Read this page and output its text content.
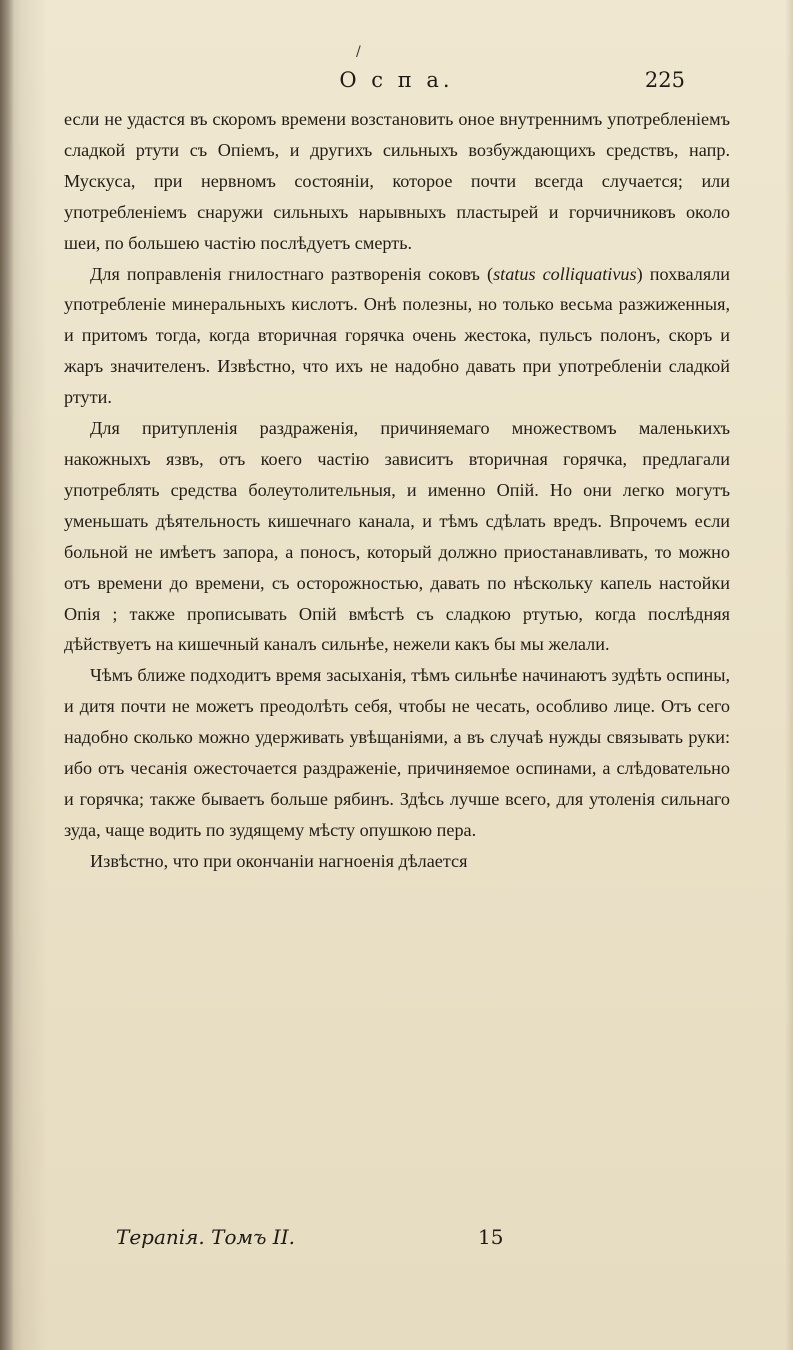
/
О с п а.	225

если не удастся въ скоромъ времени возстановить оное внутреннимъ употребленіемъ сладкой ртути съ Опіемъ, и другихъ сильныхъ возбуждающихъ средствъ, напр. Мускуса, при нервномъ состояніи, которое почти всегда случается; или употребленіемъ снаружи сильныхъ нарывныхъ пластырей и горчичниковъ около шеи, по большею частію послѣдуетъ смерть.

Для поправленія гнилостнаго разтворенія соковъ (status colliquativus) похваляли употребленіе минеральныхъ кислотъ. Онѣ полезны, но только весьма разжиженныя, и притомъ тогда, когда вторичная горячка очень жестока, пульсъ полонъ, скоръ и жаръ значителенъ. Извѣстно, что ихъ не надобно давать при употребленіи сладкой ртути.

Для притупленія раздраженія, причиняемаго множествомъ маленькихъ накожныхъ язвъ, отъ коего частію зависитъ вторичная горячка, предлагали употреблять средства болеутолительныя, и именно Опій. Но они легко могутъ уменьшать дѣятельность кишечнаго канала, и тѣмъ сдѣлать вредъ. Впрочемъ если больной не имѣетъ запора, а поносъ, который должно приостанавливать, то можно отъ времени до времени, съ осторожностью, давать по нѣскольку капель настойки Опія ; также прописывать Опій вмѣстѣ съ сладкою ртутью, когда послѣдняя дѣйствуетъ на кишечный каналъ сильнѣе, нежели какъ бы мы желали.

Чѣмъ ближе подходитъ время засыханія, тѣмъ сильнѣе начинаютъ зудѣть оспины, и дитя почти не можетъ преодолѣть себя, чтобы не чесать, особливо лице. Отъ сего надобно сколько можно удерживать увѣщаніями, а въ случаѣ нужды связывать руки: ибо отъ чесанія ожесточается раздраженіе, причиняемое оспинами, а слѣдовательно и горячка; также бываетъ больше рябинъ. Здѣсь лучше всего, для утоленія сильнаго зуда, чаще водить по зудящему мѣсту опушкою пера.

Извѣстно, что при окончаніи нагноенія дѣлается

Терапія. Томъ II.	15
